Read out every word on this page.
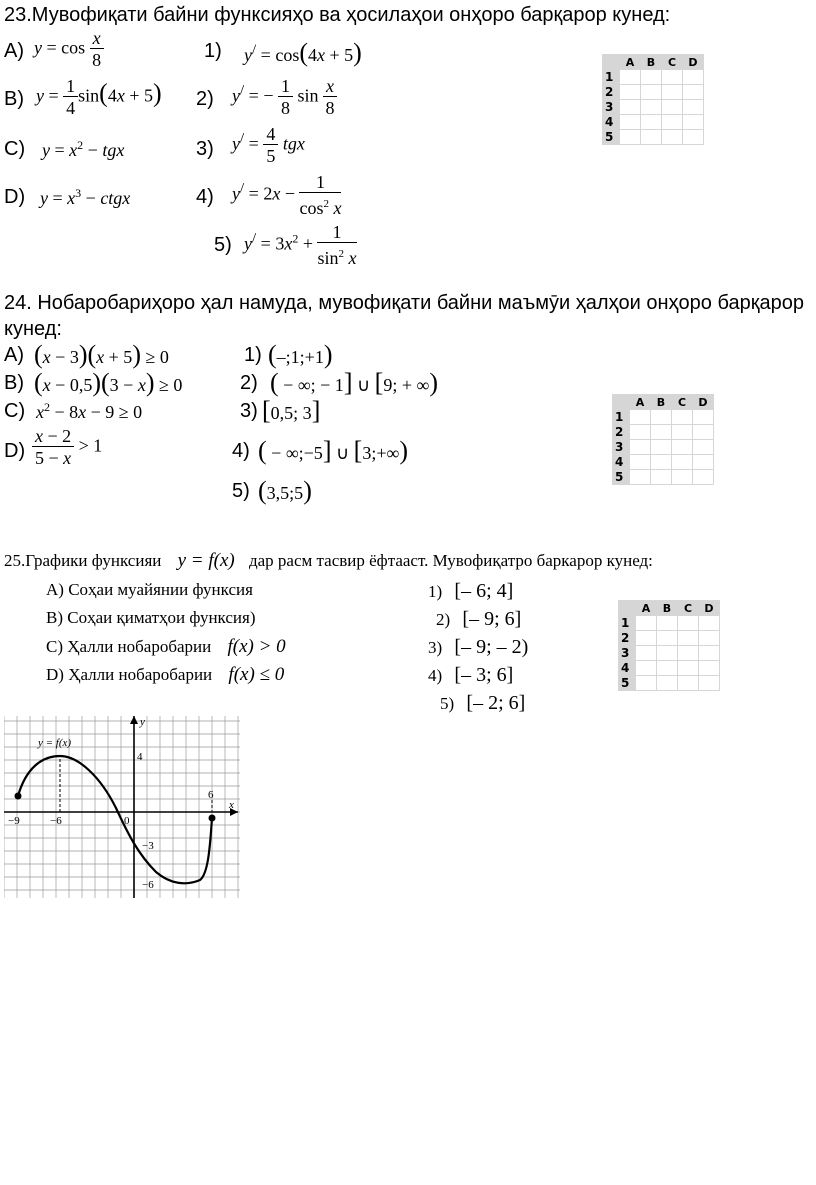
23.Мувофиқати байни функсияҳо ва ҳосилаҳои онҳоро барқарор кунед:
A) $y = \cos \frac{x}{8}$	1) y/ = cos(4x + 5)
B) $y = \frac{1}{4} \sin(4x + 5)$ 2) y/ = − $\frac{1}{8}$ $\sin \frac{x}{8}$
C) $y = x^2$ − tgx	3) $y^/ = \frac{4}{5}$ tgx
D) $y = x^3$ − ctgx	4) $y^/ = 2x - \frac{1}{\cos^2 x}$
5) $y^/ = 3x^2 + \frac{1}{\sin^2 x}$
	A	B	C	D
1				
2				
3				
4				
5				
24. Нобаробариҳоро ҳал намуда, мувофиқати байни маъмӯи ҳалҳои онҳоро барқарор
кунед:
A) (x − 3)(x + 5) ≥ 0	1) (–;1;+1)
B) (x − 0,5)(3 − x) ≥ 0	2) ( − ∞; − 1] ∪ [9; + ∞)
C) $x^2 - 8x - 9 \ge 0$	3) [0,5; 3]
$D) \frac{x - 2}{5 - x} > 1$	4) ( − ∞;−5] ∪ [3;+∞)
5) (3,5;5)
	A	B	C	D
1				
2				
3				
4				
5				
25.Графики функсияи y = f(x) дар расм тасвир ёфтааст. Мувофиқатро баркарор кунед:
A) Соҳаи муайянии функсия
B) Соҳаи қиматҳои функсия)
C) Ҳалли нобаробарии f(x) > 0
D) Ҳалли нобаробарии f(x) ≤ 0
1) [– 6; 4]
2) [– 9; 6]
3) [– 9; – 2)
4) [– 3; 6]
5) [– 2; 6]
	A	B	C	D
1				
2				
3				
4				
5				
y = f(x)
y
x
−9	−6	0
6
4
−3
−6
